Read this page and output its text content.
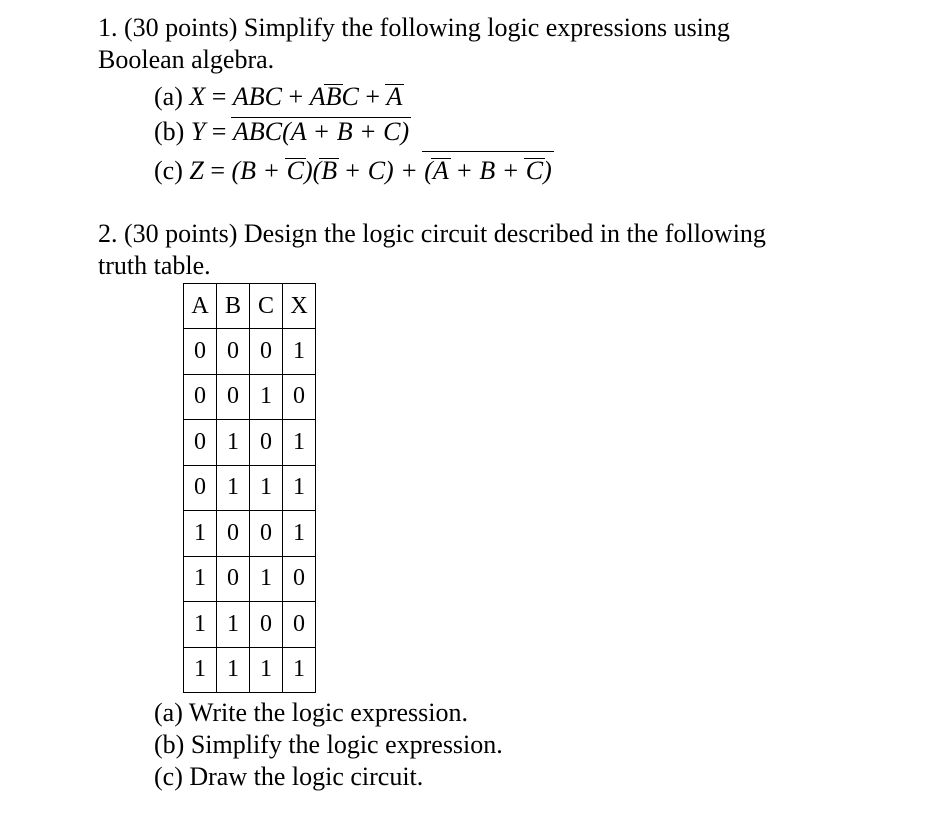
1. (30 points) Simplify the following logic expressions using
Boolean algebra.
(a) X = ABC + ABC + A
(b) Y = ABC(A + B + C)
(c) Z = (B + C)(B + C) + (A + B + C)
2. (30 points) Design the logic circuit described in the following
truth table.
A	B	C	X
0	0	0	1
0	0	1	0
0	1	0	1
0	1	1	1
1	0	0	1
1	0	1	0
1	1	0	0
1	1	1	1
(a) Write the logic expression.
(b) Simplify the logic expression.
(c) Draw the logic circuit.
